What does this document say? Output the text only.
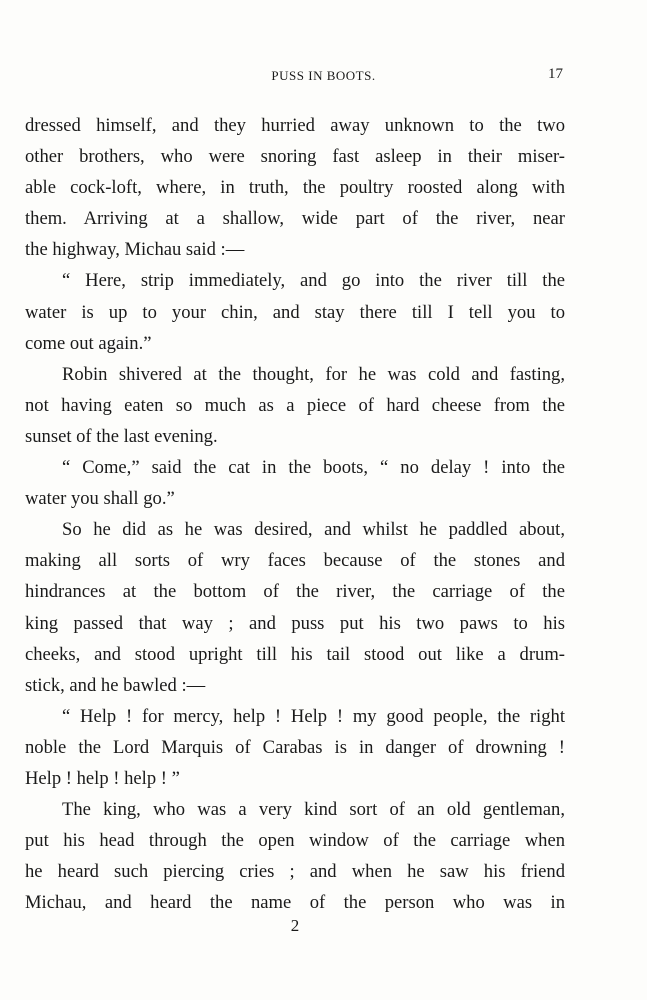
PUSS IN BOOTS.	17
dressed himself, and they hurried away unknown to the two
other brothers, who were snoring fast asleep in their miser-
able cock-loft, where, in truth, the poultry roosted along with
them. Arriving at a shallow, wide part of the river, near
the highway, Michau said :—
“ Here, strip immediately, and go into the river till the
water is up to your chin, and stay there till I tell you to
come out again.”
Robin shivered at the thought, for he was cold and fasting,
not having eaten so much as a piece of hard cheese from the
sunset of the last evening.
“ Come,” said the cat in the boots, “ no delay ! into the
water you shall go.”
So he did as he was desired, and whilst he paddled about,
making all sorts of wry faces because of the stones and
hindrances at the bottom of the river, the carriage of the
king passed that way ; and puss put his two paws to his
cheeks, and stood upright till his tail stood out like a drum-
stick, and he bawled :—
“ Help ! for mercy, help ! Help ! my good people, the right
noble the Lord Marquis of Carabas is in danger of drowning !
Help ! help ! help ! ”
The king, who was a very kind sort of an old gentleman,
put his head through the open window of the carriage when
he heard such piercing cries ; and when he saw his friend
Michau, and heard the name of the person who was in
2
